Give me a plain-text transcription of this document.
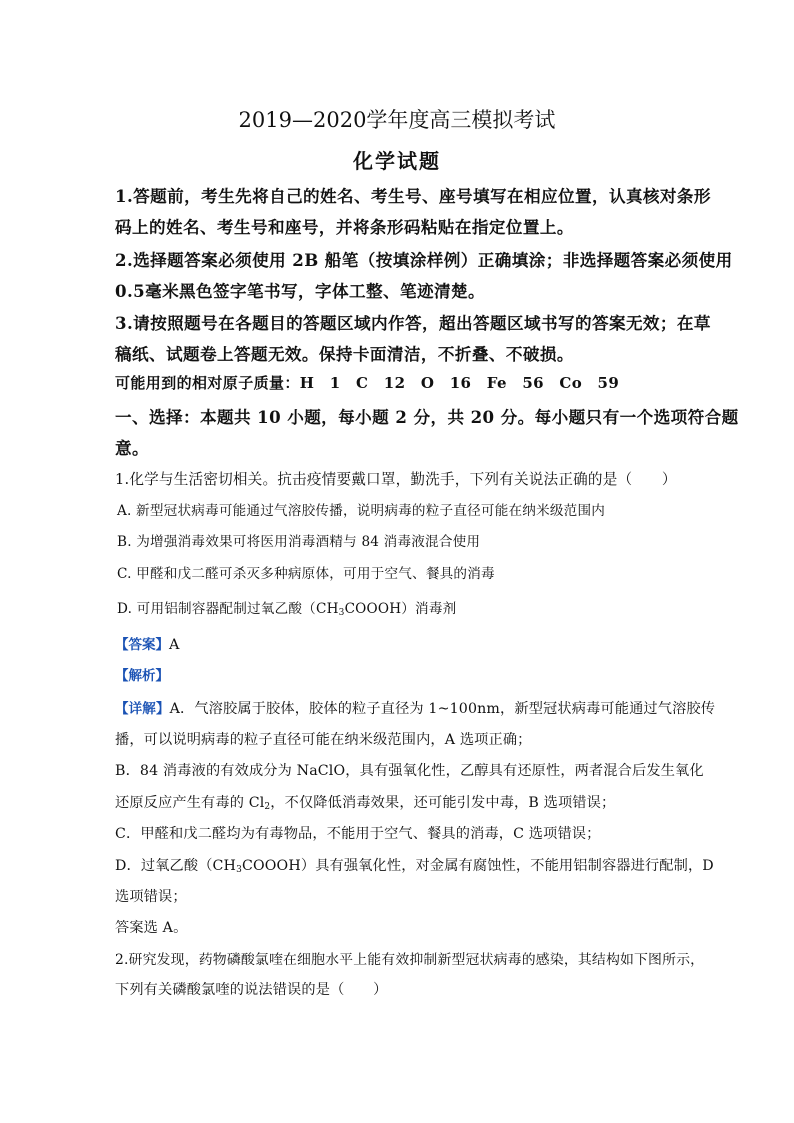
2019—2020学年度高三模拟考试
化学试题
1.答题前，考生先将自己的姓名、考生号、座号填写在相应位置，认真核对条形
码上的姓名、考生号和座号，并将条形码粘贴在指定位置上。
2.选择题答案必须使用 2B 船笔（按填涂样例）正确填涂；非选择题答案必须使用
0.5毫米黑色签字笔书写，字体工整、笔迹清楚。
3.请按照题号在各题目的答题区域内作答，超出答题区域书写的答案无效；在草
稿纸、试题卷上答题无效。保持卡面清洁，不折叠、不破损。
可能用到的相对原子质量：H　1　C　12　O　16　Fe　56　Co　59
一、选择：本题共 10 小题，每小题 2 分，共 20 分。每小题只有一个选项符合题
意。
1.化学与生活密切相关。抗击疫情要戴口罩，勤洗手，下列有关说法正确的是（　　）
A. 新型冠状病毒可能通过气溶胶传播，说明病毒的粒子直径可能在纳米级范围内
B. 为增强消毒效果可将医用消毒酒精与 84 消毒液混合使用
C. 甲醛和戊二醛可杀灭多种病原体，可用于空气、餐具的消毒
D. 可用铝制容器配制过氧乙酸$(CH_3COOOH)$消毒剂
【答案】A
【解析】
【详解】A．气溶胶属于胶体，胶体的粒子直径为 1~100nm，新型冠状病毒可能通过气溶胶传
播，可以说明病毒的粒子直径可能在纳米级范围内，A 选项正确；
B．84 消毒液的有效成分为 NaClO，具有强氧化性，乙醇具有还原性，两者混合后发生氧化
还原反应产生有毒的 $Cl_2$，不仅降低消毒效果，还可能引发中毒，B 选项错误；
C．甲醛和戊二醛均为有毒物品，不能用于空气、餐具的消毒，C 选项错误；
D．过氧乙酸$(CH_3COOOH)$具有强氧化性，对金属有腐蚀性，不能用铝制容器进行配制，D
选项错误；
答案选 A。
2.研究发现，药物磷酸氯喹在细胞水平上能有效抑制新型冠状病毒的感染，其结构如下图所示，
下列有关磷酸氯喹的说法错误的是（　　）
